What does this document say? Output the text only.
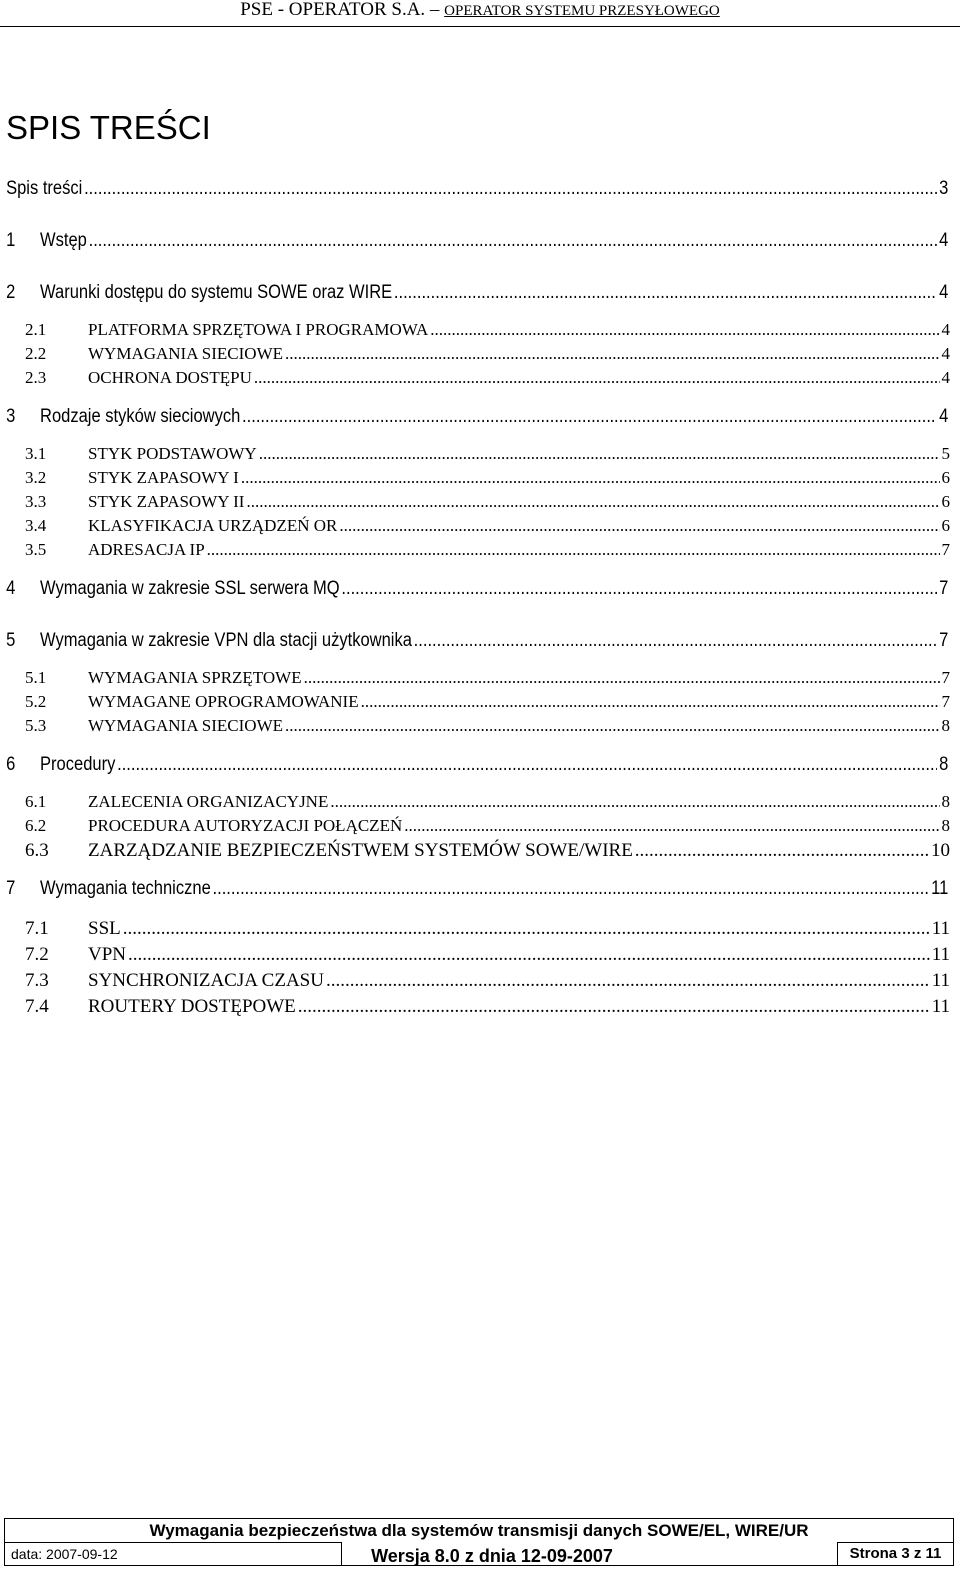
PSE - OPERATOR S.A. – OPERATOR SYSTEMU PRZESYŁOWEGO
SPIS TREŚCI
Spis treści .....	3
1	Wstęp .....	4
2	Warunki dostępu do systemu SOWE oraz WIRE .....	4
2.1	PLATFORMA SPRZĘTOWA I PROGRAMOWA .....	4
2.2	WYMAGANIA SIECIOWE .....	4
2.3	OCHRONA DOSTĘPU .....	4
3	Rodzaje styków sieciowych .....	4
3.1	STYK PODSTAWOWY .....	5
3.2	STYK ZAPASOWY I .....	6
3.3	STYK ZAPASOWY II .....	6
3.4	KLASYFIKACJA URZĄDZEŃ OR .....	6
3.5	ADRESACJA IP .....	7
4	Wymagania w zakresie SSL serwera MQ .....	7
5	Wymagania w zakresie VPN dla stacji użytkownika .....	7
5.1	WYMAGANIA SPRZĘTOWE .....	7
5.2	WYMAGANE OPROGRAMOWANIE .....	7
5.3	WYMAGANIA SIECIOWE .....	8
6	Procedury .....	8
6.1	ZALECENIA ORGANIZACYJNE .....	8
6.2	PROCEDURA AUTORYZACJI POŁĄCZEŃ .....	8
6.3	ZARZĄDZANIE BEZPIECZEŃSTWEM SYSTEMÓW SOWE/WIRE .....	10
7	Wymagania techniczne .....	11
7.1	SSL .....	11
7.2	VPN .....	11
7.3	SYNCHRONIZACJA CZASU .....	11
7.4	ROUTERY DOSTĘPOWE .....	11
Wymagania bezpieczeństwa dla systemów transmisji danych SOWE/EL, WIRE/UR
data: 2007-09-12	Wersja 8.0 z dnia 12-09-2007	Strona 3 z 11
